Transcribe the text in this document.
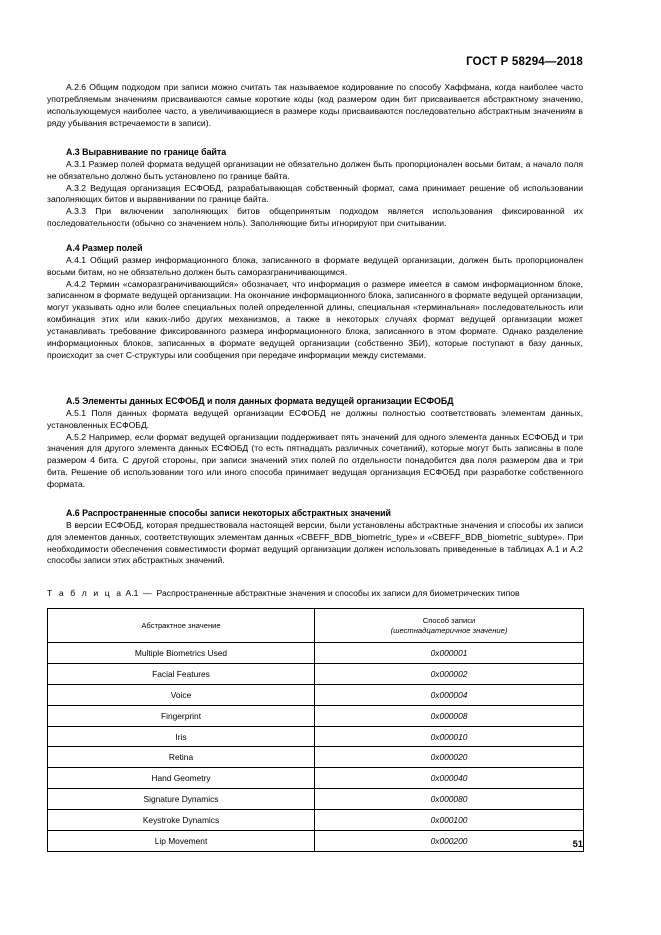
ГОСТ Р 58294—2018

А.2.6 Общим подходом при записи можно считать так называемое кодирование по способу Хаффмана, когда наиболее часто употребляемым значениям присваиваются самые короткие коды (код размером один бит присваивается абстрактному значению, использующемуся наиболее часто, а увеличивающиеся в размере коды присваиваются последовательно абстрактным значениям в ряду убывания встречаемости в записи).

А.3 Выравнивание по границе байта

А.3.1 Размер полей формата ведущей организации не обязательно должен быть пропорционален восьми битам, а начало поля не обязательно должно быть установлено по границе байта.

А.3.2 Ведущая организация ЕСФОБД, разрабатывающая собственный формат, сама принимает решение об использовании заполняющих битов и выравнивании по границе байта.

А.3.3 При включении заполняющих битов общепринятым подходом является использования фиксированной их последовательности (обычно со значением ноль). Заполняющие биты игнорируют при считывании.

А.4 Размер полей

А.4.1 Общий размер информационного блока, записанного в формате ведущей организации, должен быть пропорционален восьми битам, но не обязательно должен быть саморазграничивающимся.

А.4.2 Термин «саморазграничивающийся» обозначает, что информация о размере имеется в самом информационном блоке, записанном в формате ведущей организации. На окончание информационного блока, записанного в формате ведущей организации, могут указывать одно или более специальных полей определенной длины, специальная «терминальная» последовательность или комбинация этих или каких-либо других механизмов, а также в некоторых случаях формат ведущей организации может устанавливать требование фиксированного размера информационного блока, записанного в этом формате. Однако разделение информационных блоков, записанных в формате ведущей организации (собственно ЗБИ), которые поступают в базу данных, происходит за счет С-структуры или сообщения при передаче информации между системами.

А.5 Элементы данных ЕСФОБД и поля данных формата ведущей организации ЕСФОБД

А.5.1 Поля данных формата ведущей организации ЕСФОБД не должны полностью соответствовать элементам данных, установленных ЕСФОБД.

А.5.2 Например, если формат ведущей организации поддерживает пять значений для одного элемента данных ЕСФОБД и три значения для другого элемента данных ЕСФОБД (то есть пятнадцать различных сочетаний), которые могут быть записаны в поле размером 4 бита. С другой стороны, при записи значений этих полей по отдельности понадобится два поля размером два и три бита. Решение об использовании того или иного способа принимает ведущая организация ЕСФОБД при разработке собственного формата.

А.6 Распространенные способы записи некоторых абстрактных значений

В версии ЕСФОБД, которая предшествовала настоящей версии, были установлены абстрактные значения и способы их записи для элементов данных, соответствующих элементам данных «CBEFF_BDB_biometric_type» и «CBEFF_BDB_biometric_subtype». При необходимости обеспечения совместимости формат ведущий организации должен использовать приведенные в таблицах А.1 и А.2 способы записи этих абстрактных значений.

Т а б л и ц а А.1 — Распространенные абстрактные значения и способы их записи для биометрических типов
Абстрактное значение	Способ записи
(шестнадцатеричное значение)

Multiple Biometrics Used	0x000001
Facial Features	0x000002
Voice	0x000004
Fingerprint	0x000008
Iris	0x000010
Retina	0x000020
Hand Geometry	0x000040
Signature Dynamics	0x000080
Keystroke Dynamics	0x000100
Lip Movement	0x000200	51
